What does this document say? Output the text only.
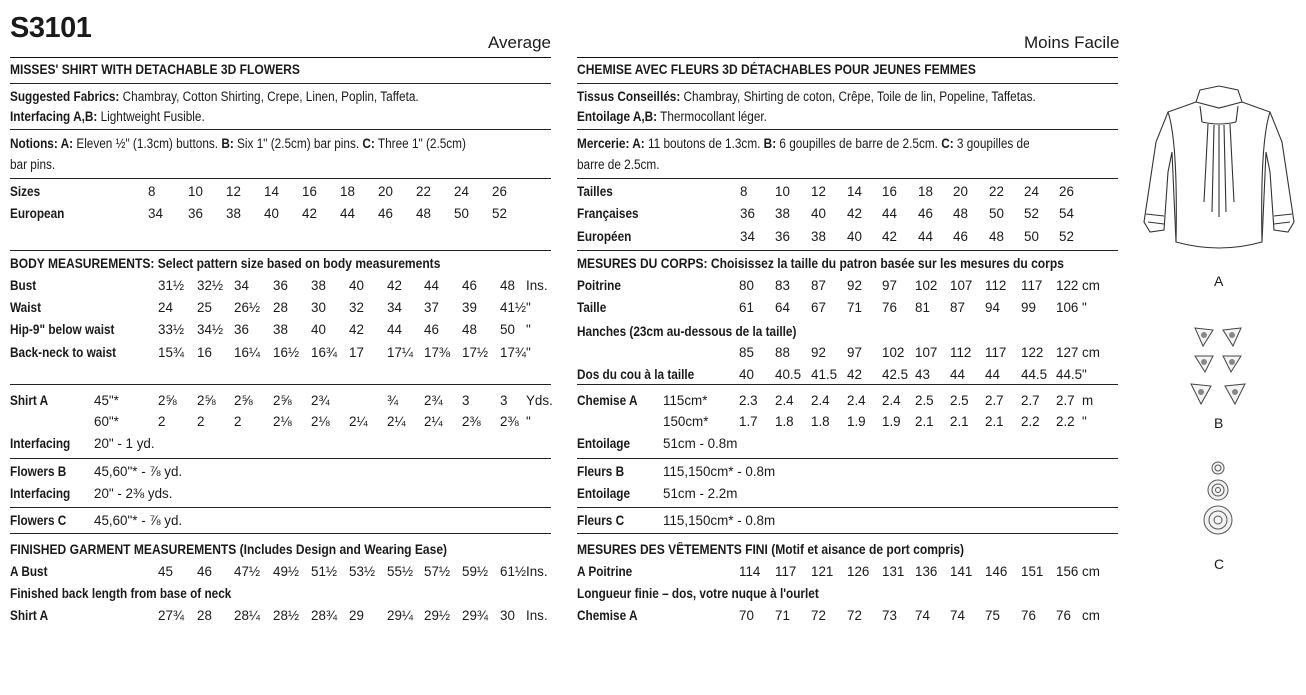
S3101	Average
MISSES' SHIRT WITH DETACHABLE 3D FLOWERS
Suggested Fabrics: Chambray, Cotton Shirting, Crepe, Linen, Poplin, Taffeta.
Interfacing A,B: Lightweight Fusible.
Notions: A: Eleven ½" (1.3cm) buttons. B: Six 1" (2.5cm) bar pins. C: Three 1" (2.5cm)
bar pins.
Sizes	8 10 12 14 16 18 20 22 24 26
European	34 36 38 40 42 44 46 48 50 52
Bust	31½ 32½ 34 36 38 40 42 44 46 48 Ins.
Waist	24 25 26½ 28 30 32 34 37 39 41½ "
Hip-9" below waist	33½ 34½ 36 38 40 42 44 46 48 50 "
Back-neck to waist	15¾ 16 16¼ 16½ 16¾ 17 17¼ 17⅜ 17½ 17¾ "
Shirt A	45"*	2⅝ 2⅝ 2⅝ 2⅝ 2¾	¾ 2¾ 3 3 Yds.
60"*	2 2 2 2⅛ 2⅛ 2¼ 2¼ 2¼ 2⅜ 2⅜ "
Interfacing 20" - 1 yd.
Flowers B 45,60"* - ⅞ yd.
Interfacing 20" - 2⅜ yds.
Flowers C 45,60"* - ⅞ yd.
A Bust	45 46 47½ 49½ 51½ 53½ 55½ 57½ 59½ 61½ Ins.
Shirt A	27¾ 28 28¼ 28½ 28¾ 29 29¼ 29½ 29¾ 30 Ins.
BODY MEASUREMENTS: Select pattern size based on body measurements
FINISHED GARMENT MEASUREMENTS (Includes Design and Wearing Ease)
Finished back length from base of neck
Moins Facile
CHEMISE AVEC FLEURS 3D DÉTACHABLES POUR JEUNES FEMMES
Tissus Conseillés: Chambray, Shirting de coton, Crêpe, Toile de lin, Popeline, Taffetas.
Entoilage A,B: Thermocollant léger.
Mercerie: A: 11 boutons de 1.3cm. B: 6 goupilles de barre de 2.5cm. C: 3 goupilles de
barre de 2.5cm.
MESURES DU CORPS: Choisissez la taille du patron basée sur les mesures du corps
Hanches (23cm au-dessous de la taille)
MESURES DES VÊTEMENTS FINI (Motif et aisance de port compris)
Longueur finie – dos, votre nuque à l'ourlet
Tailles	8 10 12 14 16 18 20 22 24 26
Françaises	36 38 40 42 44 46 48 50 52 54
Européen	34 36 38 40 42 44 46 48 50 52
Poitrine	80 83 87 92 97 102 107 112 117 122 cm
Taille	61 64 67 71 76 81 87 94 99 106 "
85 88 92 97 102 107 112 117 122 127 cm
Dos du cou à la taille	40 40.5 41.5 42 42.5 43 44 44 44.5 44.5 "
Chemise A 115cm* 2.3 2.4 2.4 2.4 2.4 2.5 2.5 2.7 2.7 2.7 m
150cm* 1.7 1.8 1.8 1.9 1.9 2.1 2.1 2.1 2.2 2.2 "
Entoilage 51cm - 0.8m
Fleurs B	115,150cm* - 0.8m
Entoilage 51cm - 2.2m
Fleurs C	115,150cm* - 0.8m
A Poitrine	114 117 121 126 131 136 141 146 151 156 cm
Chemise A	70 71 72 72 73 74 74 75 76 76 cm
A
B
C
